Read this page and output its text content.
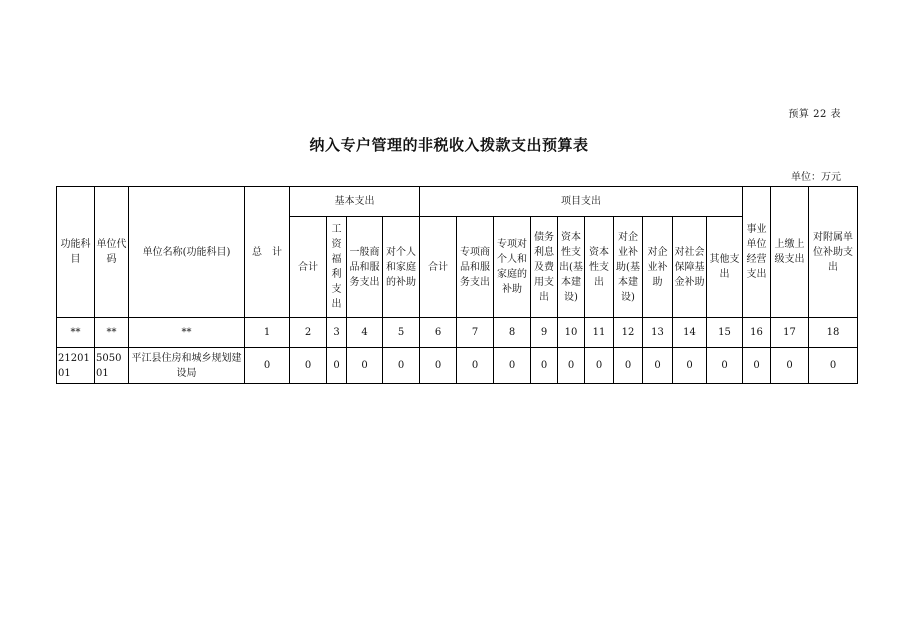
预算 22 表
纳入专户管理的非税收入拨款支出预算表
单位：万元
功能科目	单位代码	单位名称(功能科目)	总　计	基本支出				项目支出										事业单位经营支出	上缴上级支出	对附属单位补助支出
				合计	工资福利支出	一般商品和服务支出	对个人和家庭的补助	合计	专项商品和服务支出	专项对个人和家庭的补助	债务利息及费用支出	资本性支出(基本建设)	资本性支出	对企业补助(基本建设)	对企业补助	对社会保障基金补助	其他支出			
**	**	**	1	2	3	4	5	6	7	8	9	10	11	12	13	14	15	16	17	18
2120101	505001	平江县住房和城乡规划建设局	0	0	0	0	0	0	0	0	0	0	0	0	0	0	0	0	0	0
